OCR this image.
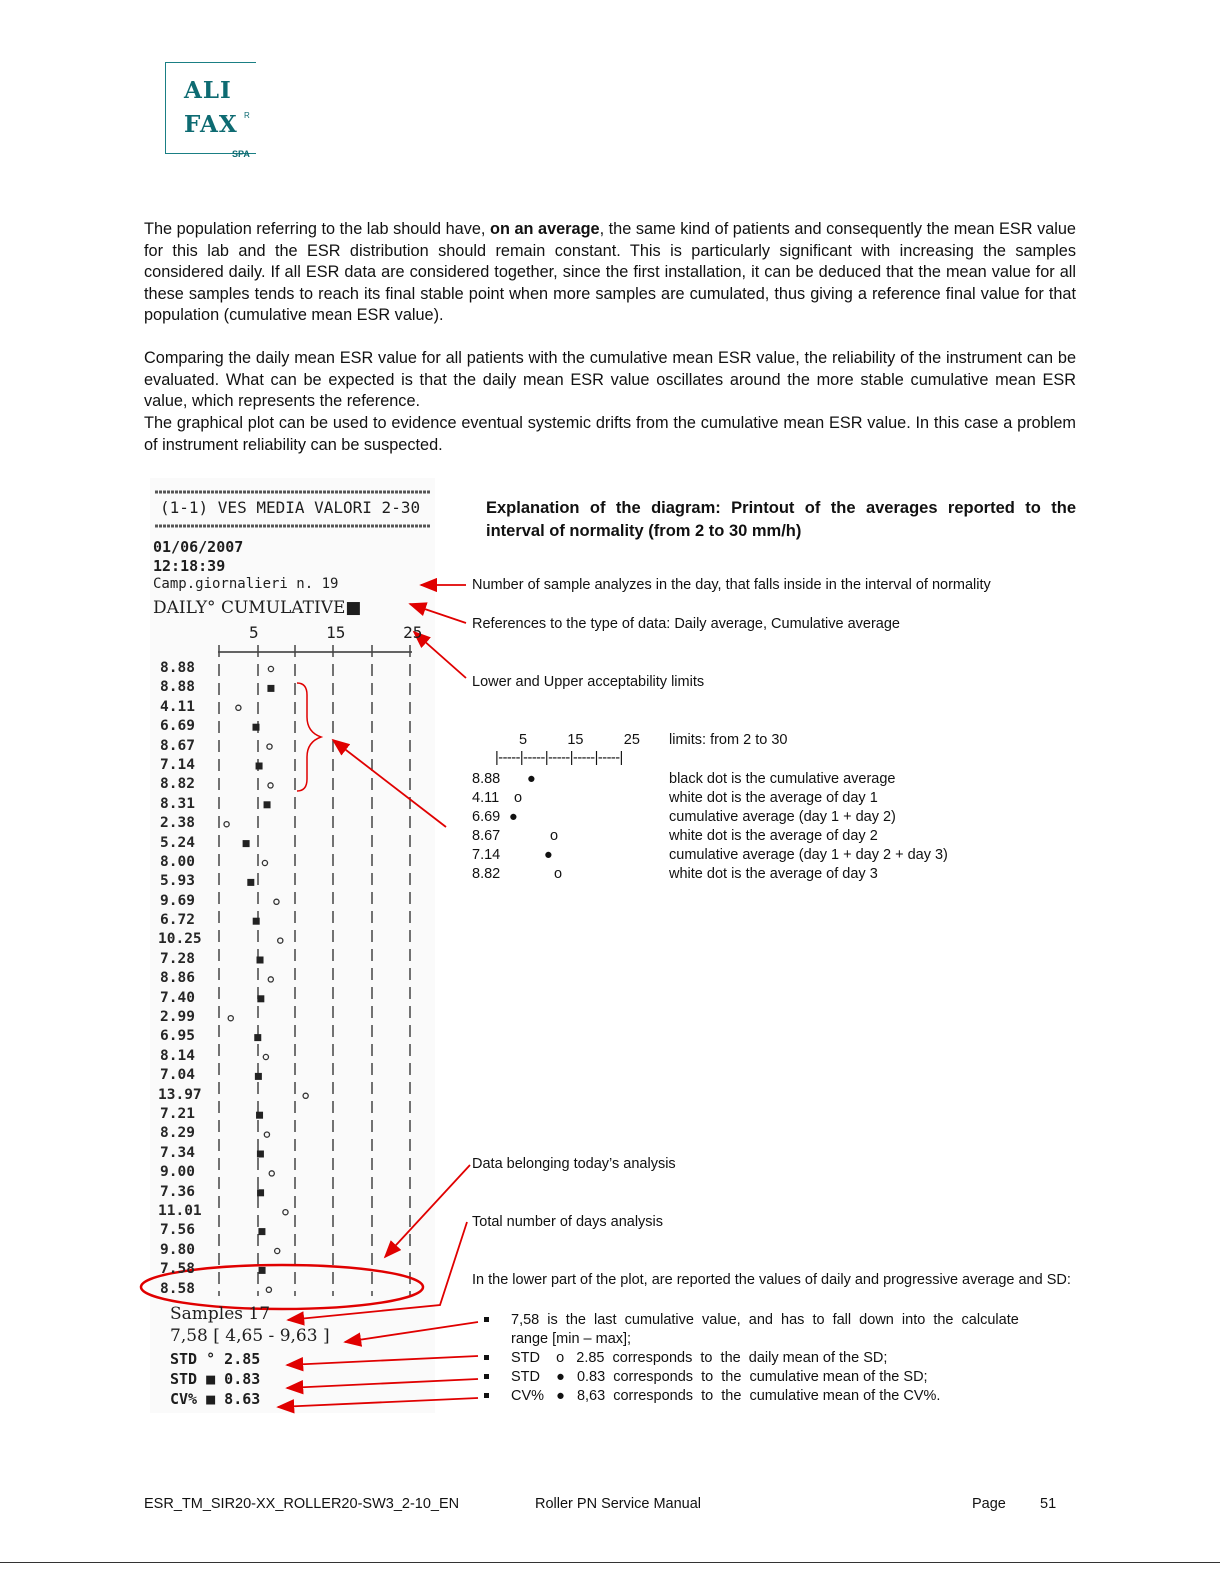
ALI
FAX R
SPA
The population referring to the lab should have, on an average, the same kind of patients and consequently the mean ESR value for this lab and the ESR distribution should remain constant. This is particularly significant with increasing the samples considered daily. If all ESR data are considered together, since the first installation, it can be deduced that the mean value for all these samples tends to reach its final stable point when more samples are cumulated, thus giving a reference final value for that population (cumulative mean ESR value).
Comparing the daily mean ESR value for all patients with the cumulative mean ESR value, the reliability of the instrument can be evaluated. What can be expected is that the daily mean ESR value oscillates around the more stable cumulative mean ESR value, which represents the reference.
The graphical plot can be used to evidence eventual systemic drifts from the cumulative mean ESR value. In this case a problem of instrument reliability can be suspected.
(1-1) VES MEDIA VALORI 2-30
01/06/2007
12:18:39
Camp.giornalieri n. 19
DAILY° CUMULATIVE■
5       15      25
8.88
8.88
4.11
6.69
8.67
7.14
8.82
8.31
2.38
5.24
8.00
5.93
9.69
6.72
10.25
7.28
8.86
7.40
2.99
6.95
8.14
7.04
13.97
7.21
8.29
7.34
9.00
7.36
11.01
7.56
9.80
7.58
8.58
Samples 17
7,58 [ 4,65 - 9,63 ]
STD ° 2.85
STD ■ 0.83
CV% ■ 8.63
Explanation of the diagram: Printout of the averages reported to the interval of normality (from 2 to 30 mm/h)
Number of sample analyzes in the day, that falls inside in the interval of normality
References to the type of data: Daily average, Cumulative average
Lower and Upper acceptability limits
5          15          25 limits: from 2 to 30
|-----|-----|-----|-----|-----|
8.88 ●	black dot is the cumulative average
4.11 o	white dot is the average of day 1
6.69 ●	cumulative average (day 1 + day 2)
8.67	o	white dot is the average of day 2
7.14	●	cumulative average (day 1 + day 2 + day 3)
8.82	o	white dot is the average of day 3
Data belonging today’s analysis
Total number of days analysis
In the lower part of the plot, are reported the values of daily and progressive average and SD:
7,58  is  the  last  cumulative  value,  and  has  to  fall  down  into  the  calculate
range [min – max];
STD    o   2.85  corresponds  to  the  daily mean of the SD;
STD    ●   0.83  corresponds  to  the  cumulative mean of the SD;
CV%   ●   8,63  corresponds  to  the  cumulative mean of the CV%.
ESR_TM_SIR20-XX_ROLLER20-SW3_2-10_EN	Roller PN Service Manual	Page 51
